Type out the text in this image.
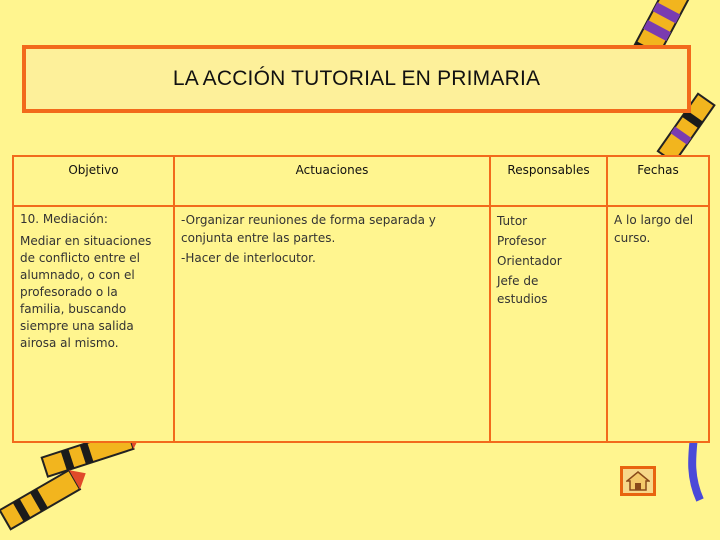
LA ACCIÓN TUTORIAL EN PRIMARIA
Objetivo
10. Mediación:
Mediar en situaciones
de conflicto entre el
alumnado, o con el
profesorado o la
familia, buscando
siempre una salida
airosa al mismo.
Actuaciones
-Organizar reuniones de forma separada y
conjunta entre las partes.
-Hacer de interlocutor.
Responsables
Tutor
Profesor
Orientador
Jefe de
estudios
Fechas
A lo largo del
curso.
